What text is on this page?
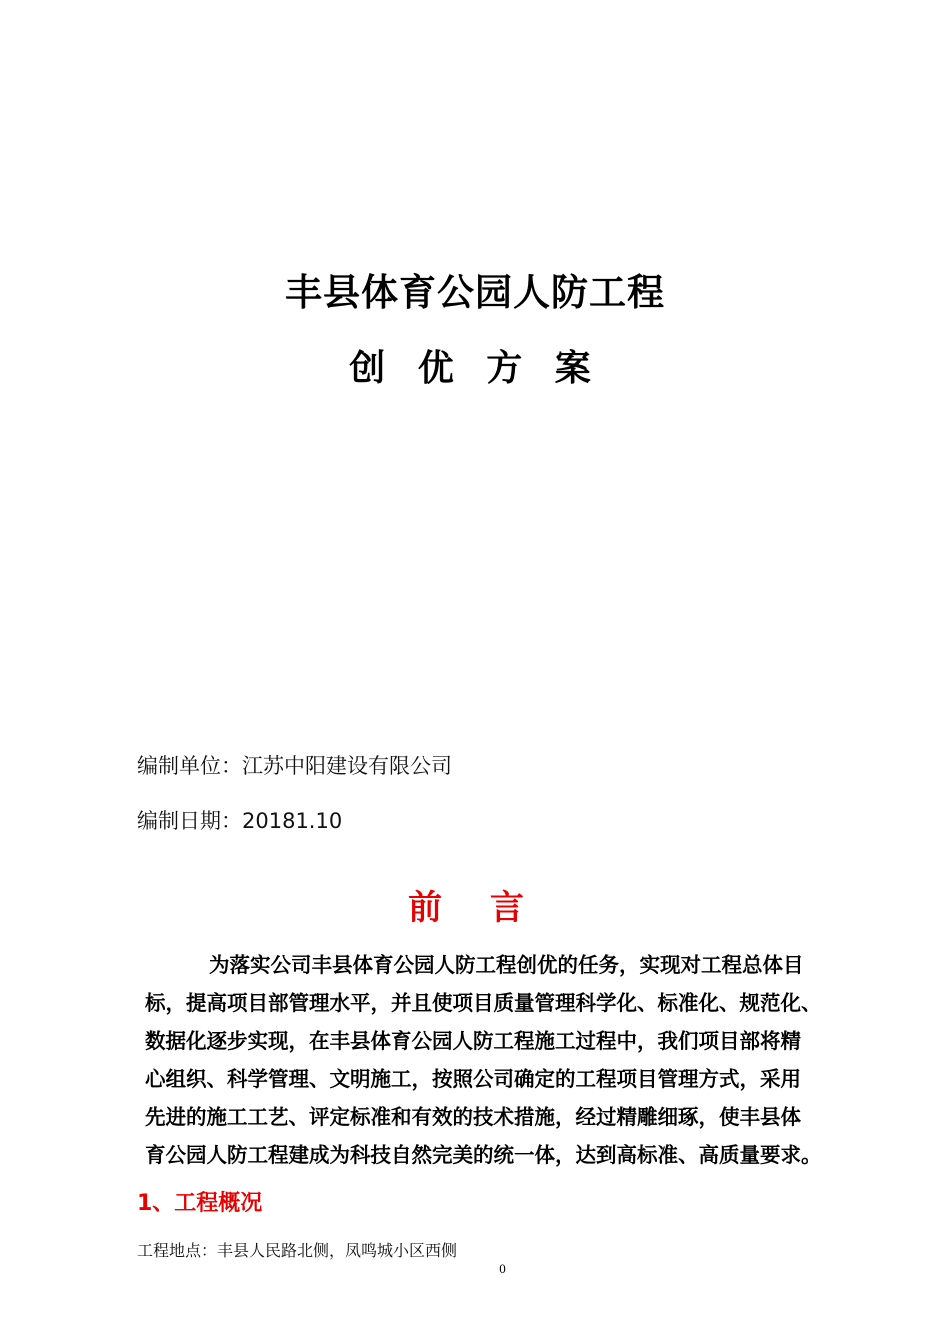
丰县体育公园人防工程
创 优 方 案
编制单位：江苏中阳建设有限公司
编制日期：20181.10
前 言
为落实公司丰县体育公园人防工程创优的任务，实现对工程总体目
标，提高项目部管理水平，并且使项目质量管理科学化、标准化、规范化、
数据化逐步实现，在丰县体育公园人防工程施工过程中，我们项目部将精
心组织、科学管理、文明施工，按照公司确定的工程项目管理方式，采用
先进的施工工艺、评定标准和有效的技术措施，经过精雕细琢，使丰县体
育公园人防工程建成为科技自然完美的统一体，达到高标准、高质量要求。
1、工程概况
工程地点：丰县人民路北侧，凤鸣城小区西侧
0
